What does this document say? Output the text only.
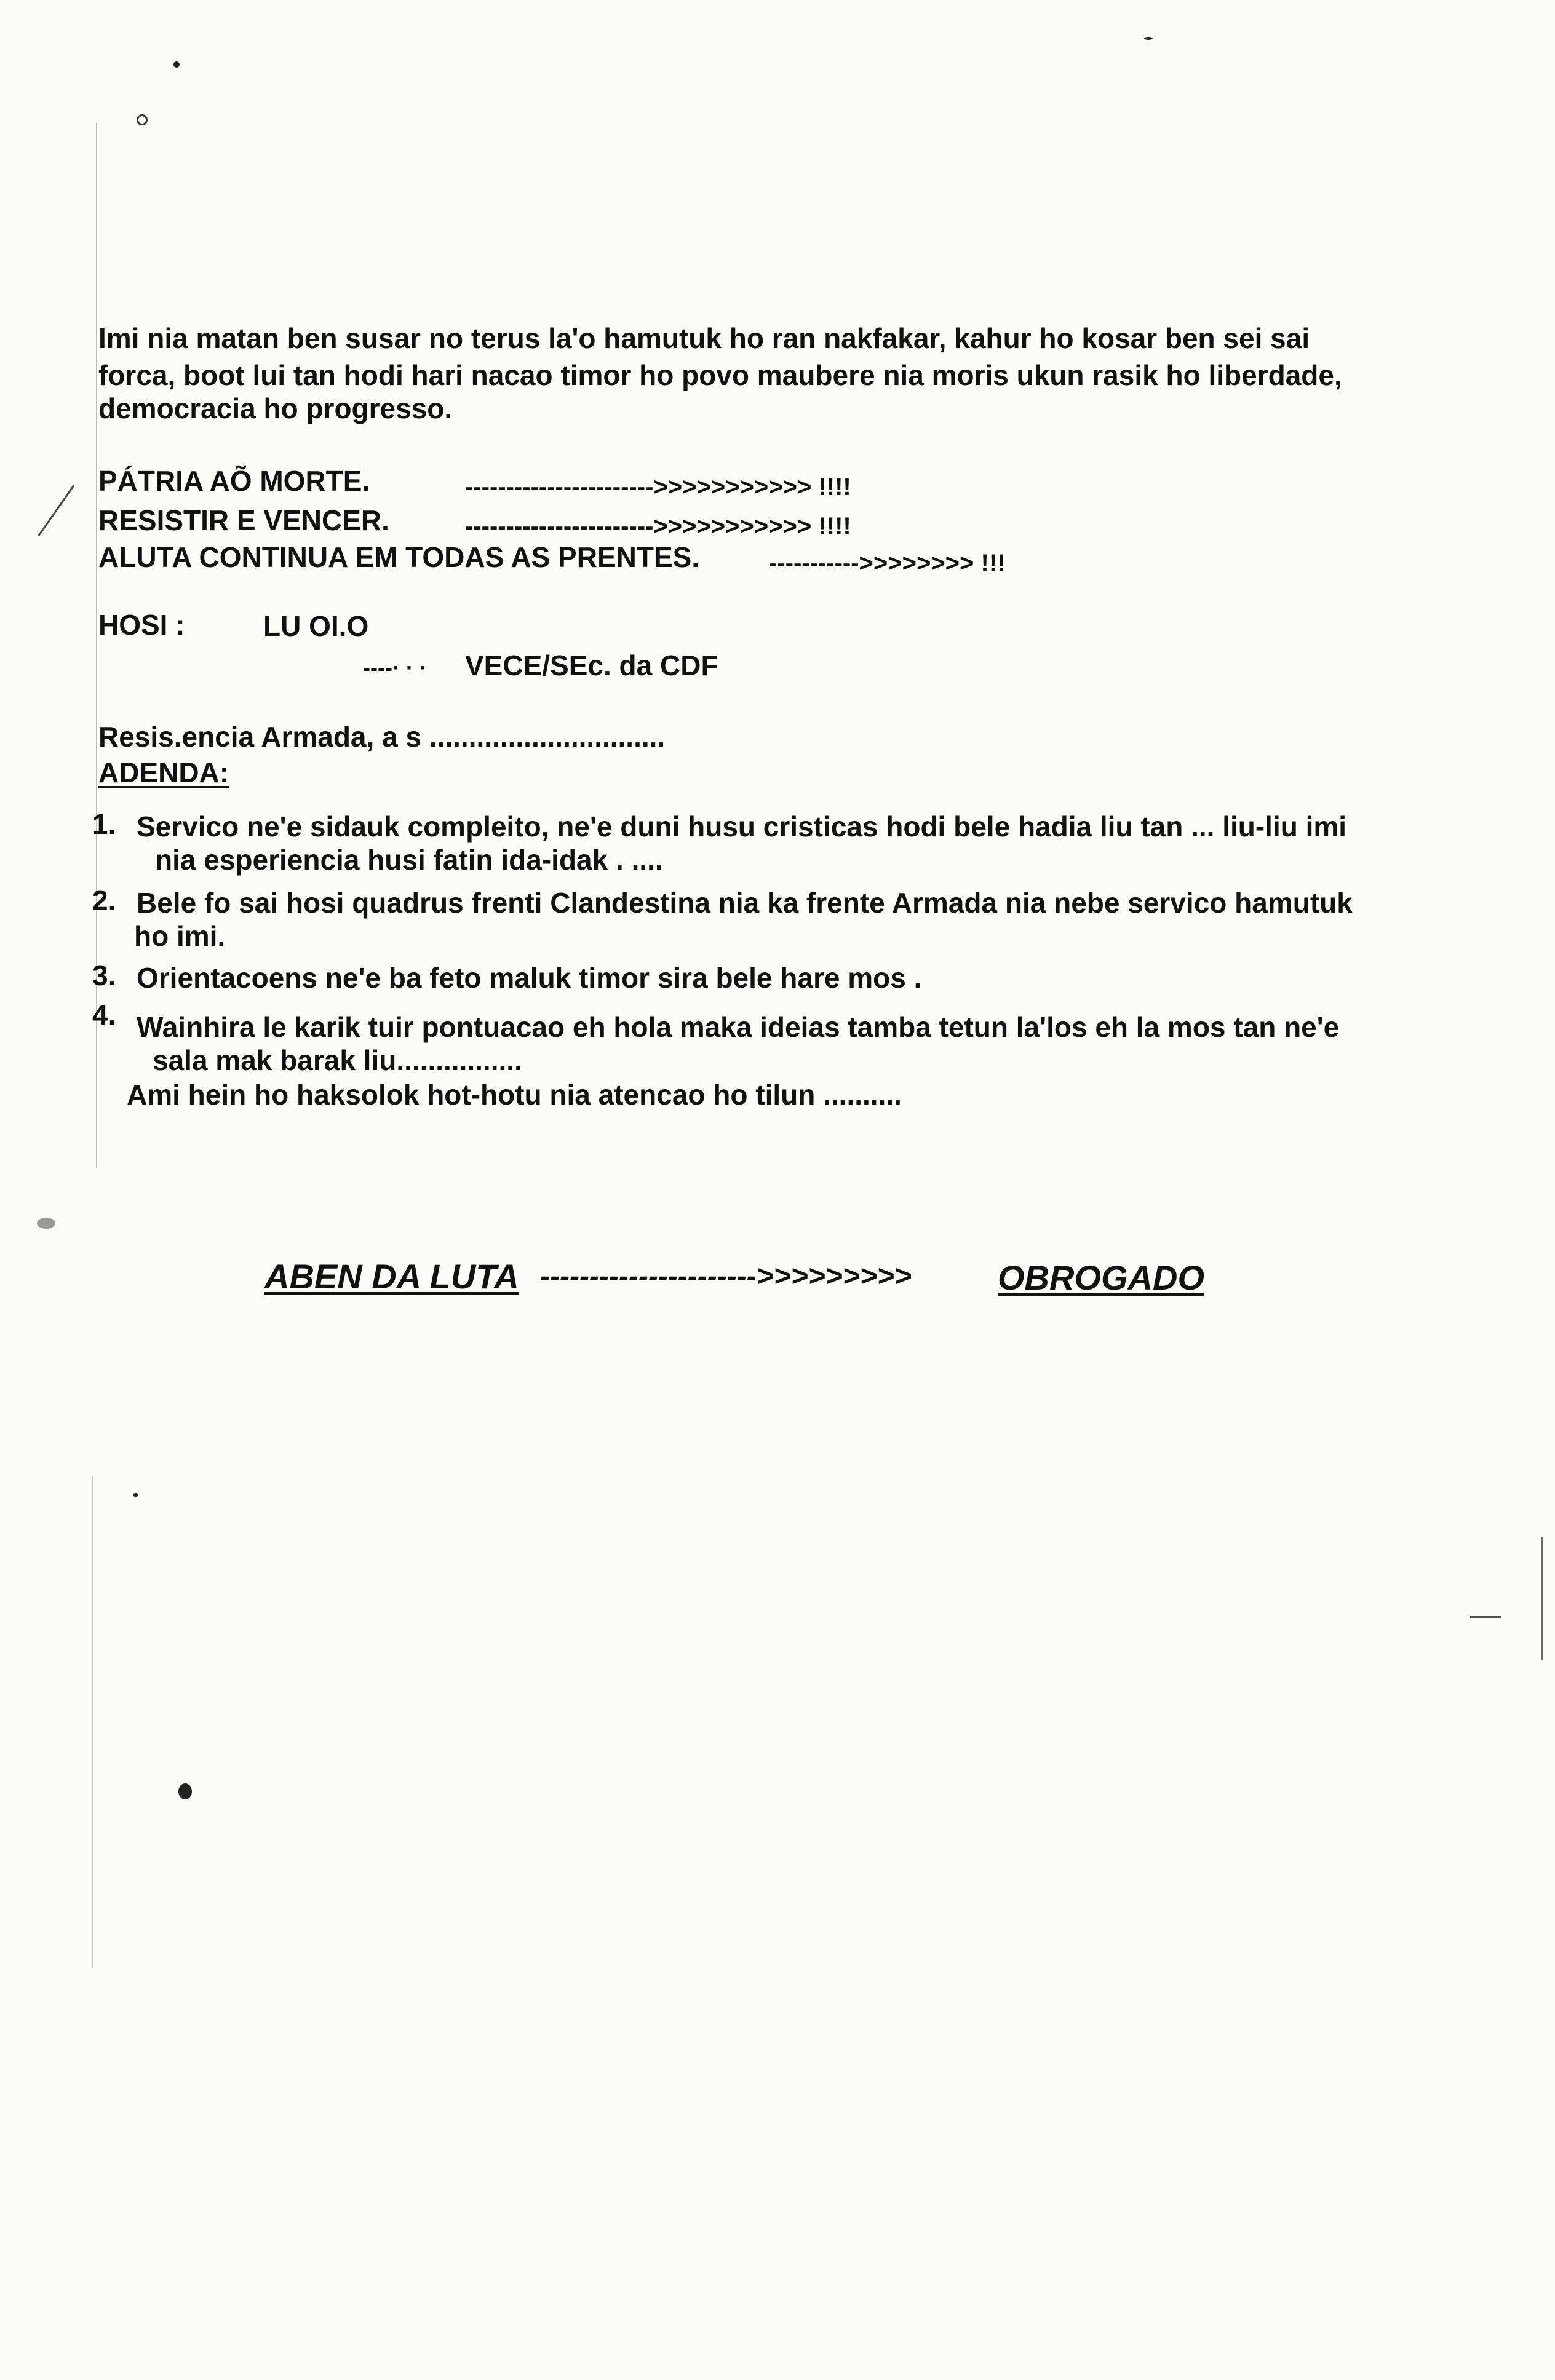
Imi nia matan ben susar no terus la'o hamutuk ho ran nakfakar, kahur ho kosar ben sei sai
forca, boot lui tan hodi hari nacao timor ho povo maubere nia moris ukun rasik ho liberdade,
democracia ho progresso.
PÁTRIA AÕ MORTE.	----------------------->>>>>>>>>>> !!!!
RESISTIR E VENCER.	----------------------->>>>>>>>>>> !!!!
ALUTA CONTINUA EM TODAS AS PRENTES.	----------->>>>>>>> !!!
HOSI :	LU OI.O
----· · · VECE/SEc. da CDF
Resis.encia Armada, a s ..............................
ADENDA:
1. Servico ne'e sidauk compleito, ne'e duni husu cristicas hodi bele hadia liu tan ... liu-liu imi
nia esperiencia husi fatin ida-idak . ....
2. Bele fo sai hosi quadrus frenti Clandestina nia ka frente Armada nia nebe servico hamutuk
ho imi.
3. Orientacoens ne'e ba feto maluk timor sira bele hare mos .
4. Wainhira le karik tuir pontuacao eh hola maka ideias tamba tetun la'los eh la mos tan ne'e
sala mak barak liu................
Ami hein ho haksolok hot-hotu nia atencao ho tilun ..........
ABEN DA LUTA ---------------------->>>>>>>>>	OBROGADO
